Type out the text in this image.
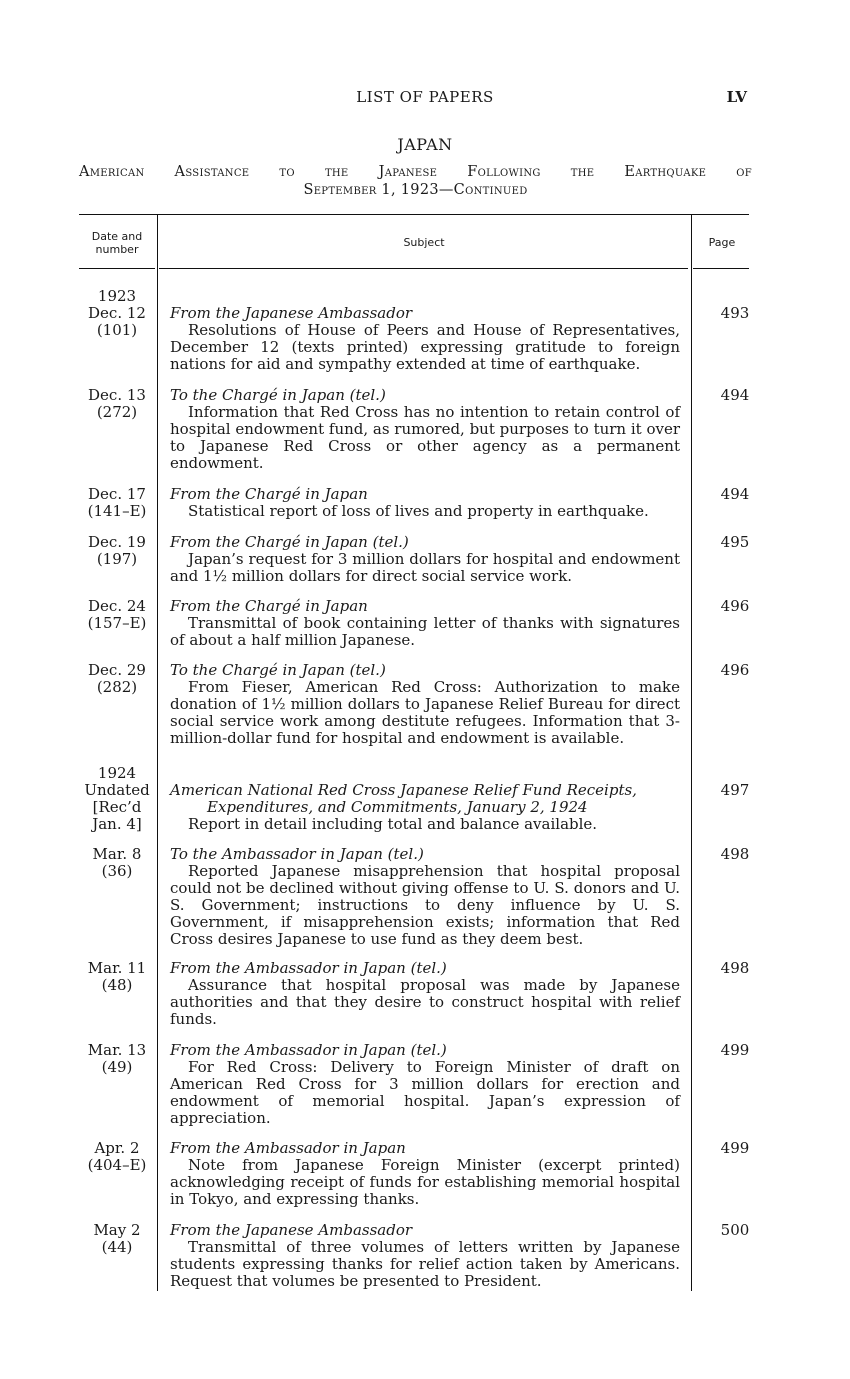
LIST OF PAPERS	LV
JAPAN
American Assistance to the Japanese Following the Earthquake of
September 1, 1923—Continued
Date and
number
Subject	Page
1923
1924
Dec. 12
(101)
From the Japanese Ambassador
Resolutions of House of Peers and House of Representatives, December 12 (texts printed) expressing gratitude to foreign nations for aid and sympathy extended at time of earthquake.
493
Dec. 13
(272)
To the Chargé in Japan (tel.)
Information that Red Cross has no intention to retain control of hospital endowment fund, as rumored, but purposes to turn it over to Japanese Red Cross or other agency as a permanent endowment.
494
Dec. 17
(141–E)
From the Chargé in Japan
Statistical report of loss of lives and property in earthquake.
494
Dec. 19
(197)
From the Chargé in Japan (tel.)
Japan’s request for 3 million dollars for hospital and endowment and 1½ million dollars for direct social service work.
495
Dec. 24
(157–E)
From the Chargé in Japan
Transmittal of book containing letter of thanks with signatures of about a half million Japanese.
496
Dec. 29
(282)
To the Chargé in Japan (tel.)
From Fieser, American Red Cross: Authorization to make donation of 1½ million dollars to Japanese Relief Bureau for direct social service work among destitute refugees. Information that 3-million-dollar fund for hospital and endowment is available.
496
Undated
[Rec’d
Jan. 4]
American National Red Cross Japanese Relief Fund Receipts,
Expenditures, and Commitments, January 2, 1924
Report in detail including total and balance available.
497
Mar. 8
(36)
To the Ambassador in Japan (tel.)
Reported Japanese misapprehension that hospital proposal could not be declined without giving offense to U. S. donors and U. S. Government; instructions to deny influence by U. S. Government, if misapprehension exists; information that Red Cross desires Japanese to use fund as they deem best.
498
Mar. 11
(48)
From the Ambassador in Japan (tel.)
Assurance that hospital proposal was made by Japanese authorities and that they desire to construct hospital with relief funds.
498
Mar. 13
(49)
From the Ambassador in Japan (tel.)
For Red Cross: Delivery to Foreign Minister of draft on American Red Cross for 3 million dollars for erection and endowment of memorial hospital. Japan’s expression of appreciation.
499
Apr. 2
(404–E)
From the Ambassador in Japan
Note from Japanese Foreign Minister (excerpt printed) acknowledging receipt of funds for establishing memorial hospital in Tokyo, and expressing thanks.
499
May 2
(44)
From the Japanese Ambassador
Transmittal of three volumes of letters written by Japanese students expressing thanks for relief action taken by Americans. Request that volumes be presented to President.
500
